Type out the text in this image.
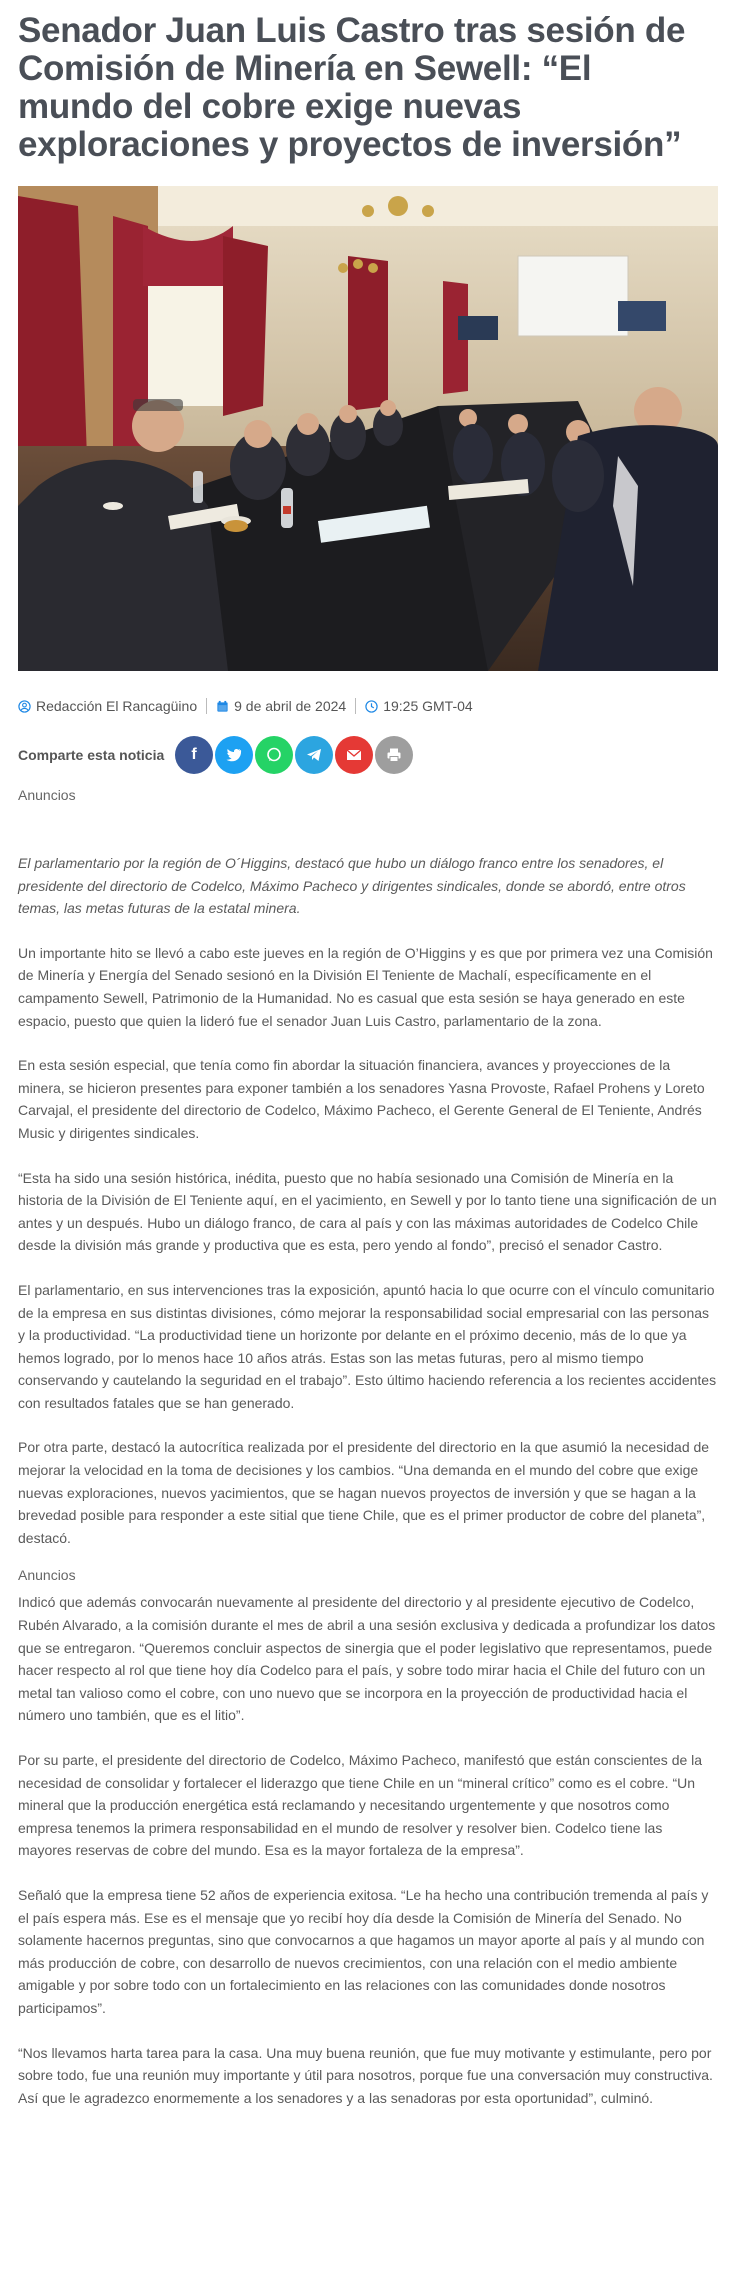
Senador Juan Luis Castro tras sesión de Comisión de Minería en Sewell: “El mundo del cobre exige nuevas exploraciones y proyectos de inversión”
Redacción El Rancagüino	9 de abril de 2024	19:25 GMT-04
Comparte esta noticia	f
Anuncios

El parlamentario por la región de O´Higgins, destacó que hubo un diálogo franco entre los senadores, el presidente del directorio de Codelco, Máximo Pacheco y dirigentes sindicales, donde se abordó, entre otros temas, las metas futuras de la estatal minera.

Un importante hito se llevó a cabo este jueves en la región de O’Higgins y es que por primera vez una Comisión de Minería y Energía del Senado sesionó en la División El Teniente de Machalí, específicamente en el campamento Sewell, Patrimonio de la Humanidad. No es casual que esta sesión se haya generado en este espacio, puesto que quien la lideró fue el senador Juan Luis Castro, parlamentario de la zona.

En esta sesión especial, que tenía como fin abordar la situación financiera, avances y proyecciones de la minera, se hicieron presentes para exponer también a los senadores Yasna Provoste, Rafael Prohens y Loreto Carvajal, el presidente del directorio de Codelco, Máximo Pacheco, el Gerente General de El Teniente, Andrés Music y dirigentes sindicales.

“Esta ha sido una sesión histórica, inédita, puesto que no había sesionado una Comisión de Minería en la historia de la División de El Teniente aquí, en el yacimiento, en Sewell y por lo tanto tiene una significación de un antes y un después. Hubo un diálogo franco, de cara al país y con las máximas autoridades de Codelco Chile desde la división más grande y productiva que es esta, pero yendo al fondo”, precisó el senador Castro.

El parlamentario, en sus intervenciones tras la exposición, apuntó hacia lo que ocurre con el vínculo comunitario de la empresa en sus distintas divisiones, cómo mejorar la responsabilidad social empresarial con las personas y la productividad. “La productividad tiene un horizonte por delante en el próximo decenio, más de lo que ya hemos logrado, por lo menos hace 10 años atrás. Estas son las metas futuras, pero al mismo tiempo conservando y cautelando la seguridad en el trabajo”. Esto último haciendo referencia a los recientes accidentes con resultados fatales que se han generado.

Por otra parte, destacó la autocrítica realizada por el presidente del directorio en la que asumió la necesidad de mejorar la velocidad en la toma de decisiones y los cambios. “Una demanda en el mundo del cobre que exige nuevas exploraciones, nuevos yacimientos, que se hagan nuevos proyectos de inversión y que se hagan a la brevedad posible para responder a este sitial que tiene Chile, que es el primer productor de cobre del planeta”, destacó.

Anuncios

Indicó que además convocarán nuevamente al presidente del directorio y al presidente ejecutivo de Codelco, Rubén Alvarado, a la comisión durante el mes de abril a una sesión exclusiva y dedicada a profundizar los datos que se entregaron. “Queremos concluir aspectos de sinergia que el poder legislativo que representamos, puede hacer respecto al rol que tiene hoy día Codelco para el país, y sobre todo mirar hacia el Chile del futuro con un metal tan valioso como el cobre, con uno nuevo que se incorpora en la proyección de productividad hacia el número uno también, que es el litio”.

Por su parte, el presidente del directorio de Codelco, Máximo Pacheco, manifestó que están conscientes de la necesidad de consolidar y fortalecer el liderazgo que tiene Chile en un “mineral crítico” como es el cobre. “Un mineral que la producción energética está reclamando y necesitando urgentemente y que nosotros como empresa tenemos la primera responsabilidad en el mundo de resolver y resolver bien. Codelco tiene las mayores reservas de cobre del mundo. Esa es la mayor fortaleza de la empresa”.

Señaló que la empresa tiene 52 años de experiencia exitosa. “Le ha hecho una contribución tremenda al país y el país espera más. Ese es el mensaje que yo recibí hoy día desde la Comisión de Minería del Senado. No solamente hacernos preguntas, sino que convocarnos a que hagamos un mayor aporte al país y al mundo con más producción de cobre, con desarrollo de nuevos crecimientos, con una relación con el medio ambiente amigable y por sobre todo con un fortalecimiento en las relaciones con las comunidades donde nosotros participamos”.

“Nos llevamos harta tarea para la casa. Una muy buena reunión, que fue muy motivante y estimulante, pero por sobre todo, fue una reunión muy importante y útil para nosotros, porque fue una conversación muy constructiva. Así que le agradezco enormemente a los senadores y a las senadoras por esta oportunidad”, culminó.
